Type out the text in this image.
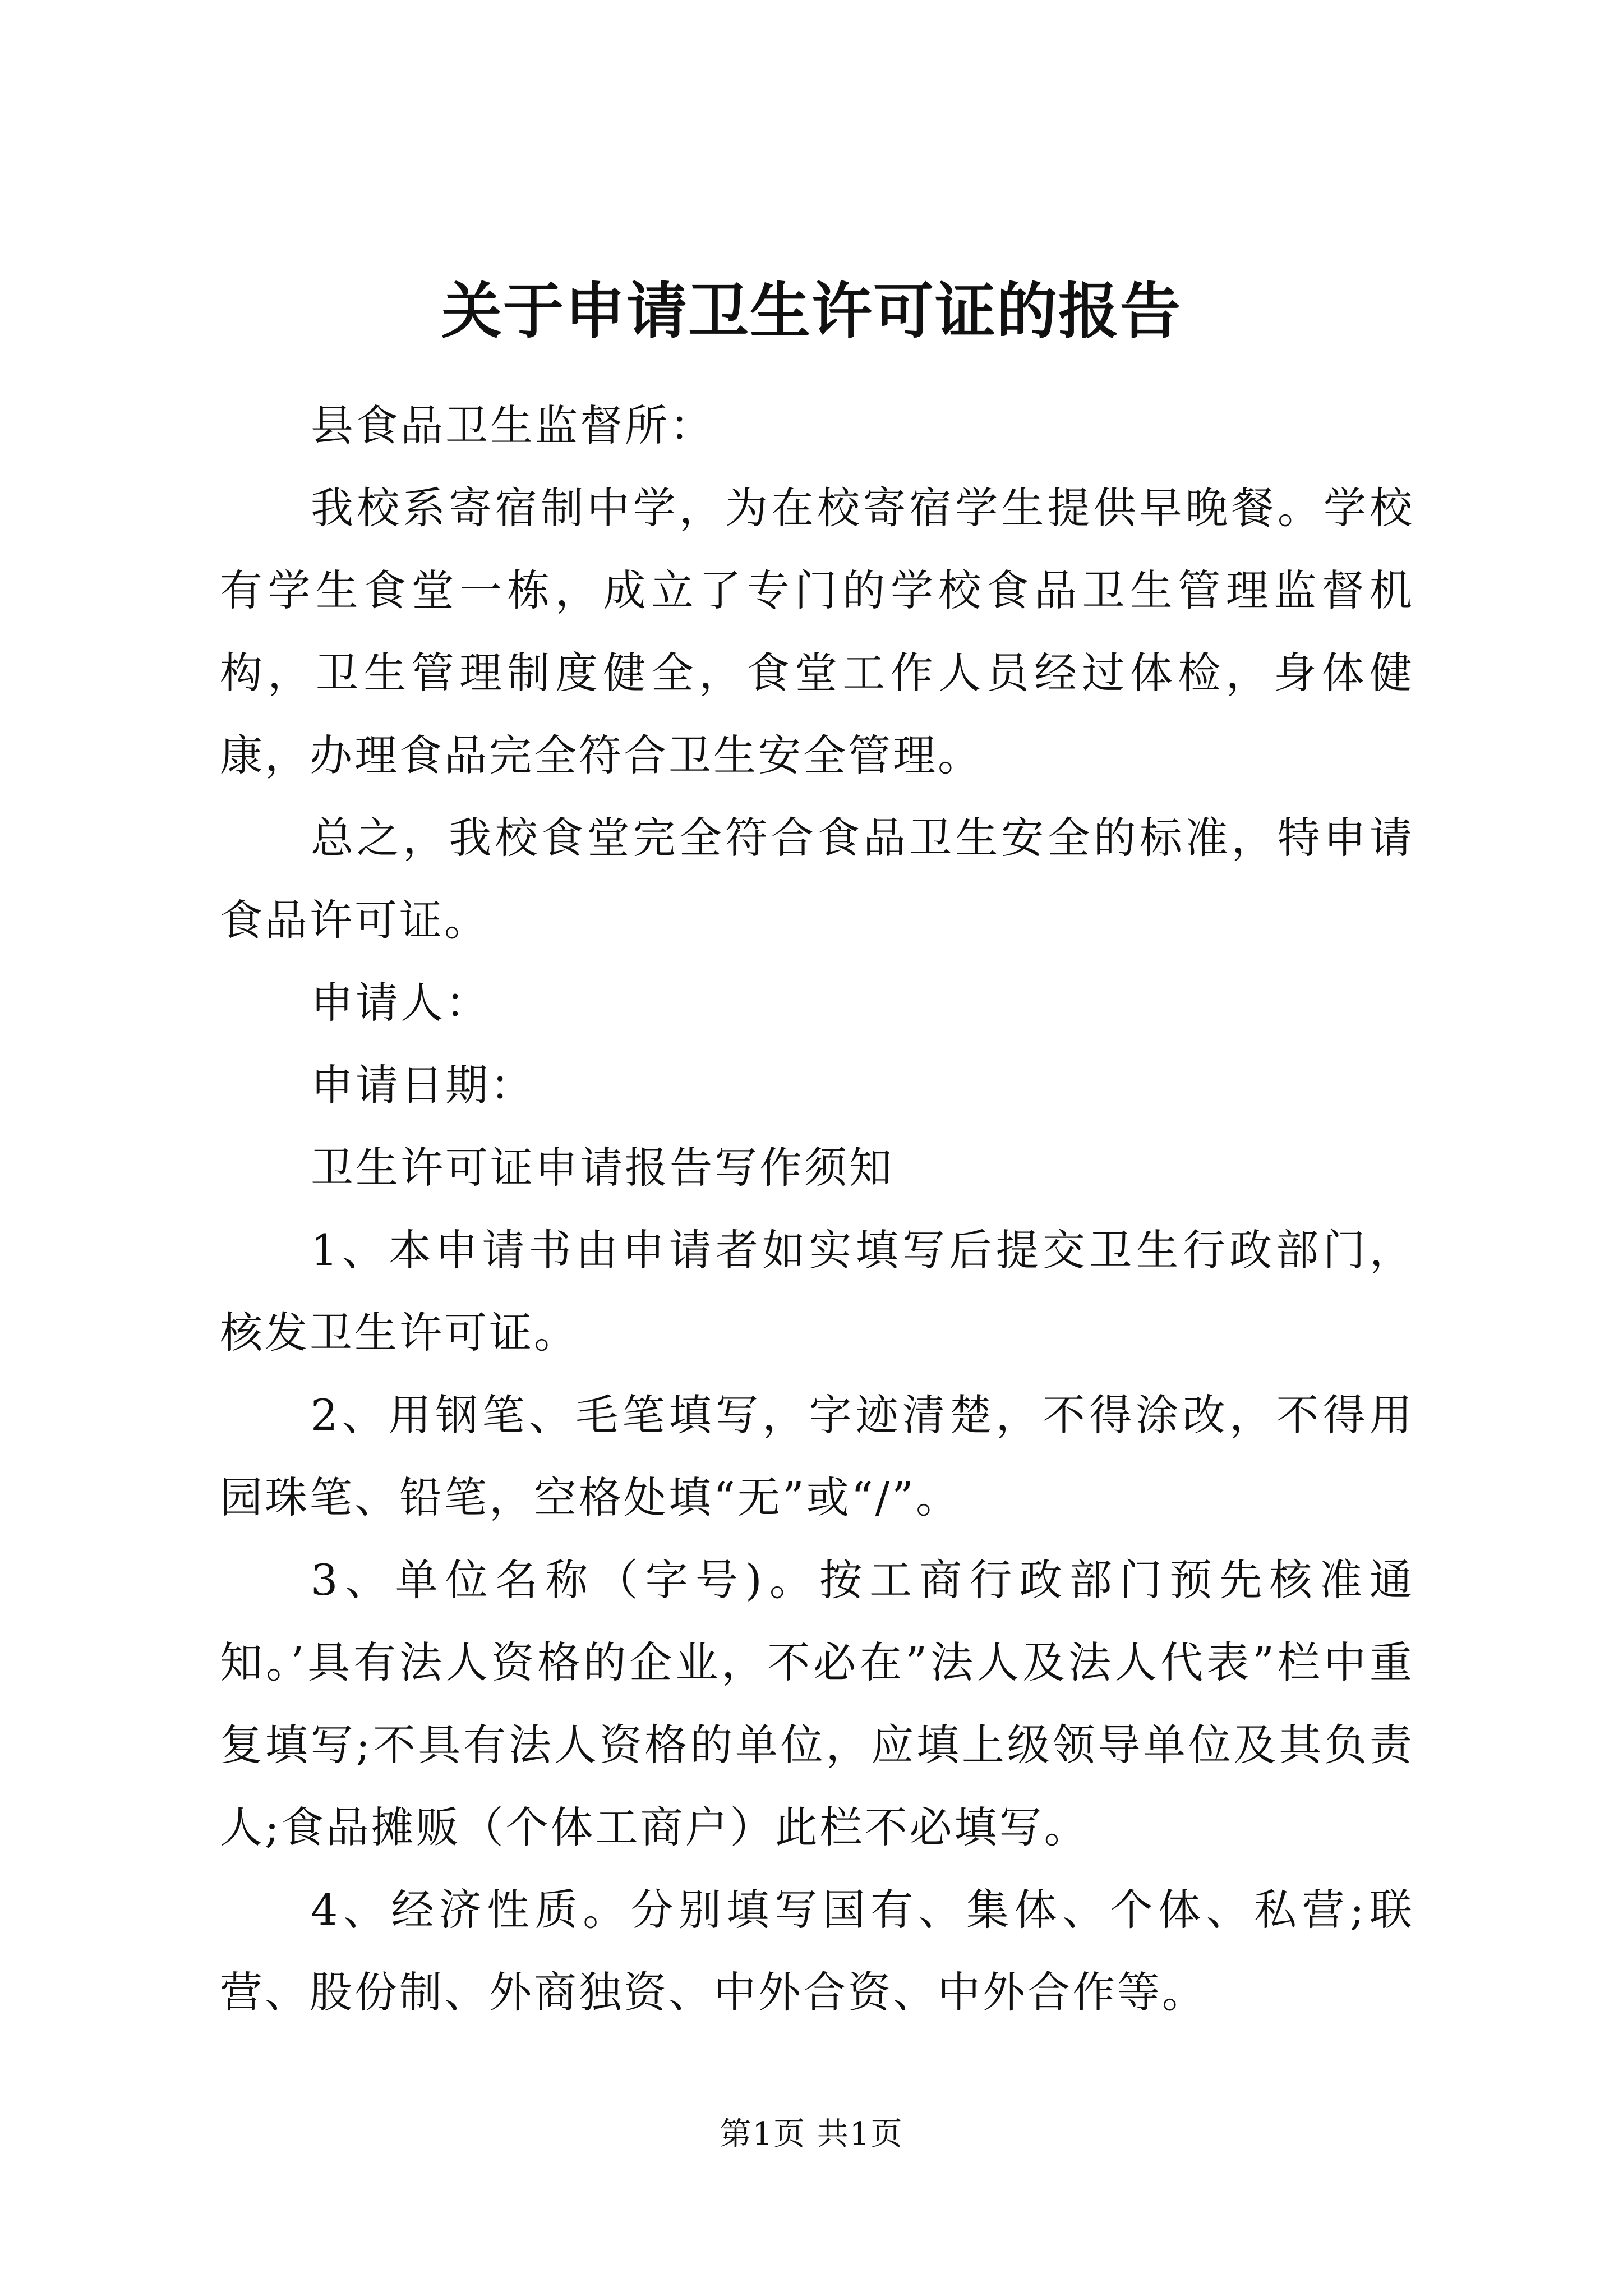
关于申请卫生许可证的报告

县食品卫生监督所：

我校系寄宿制中学，为在校寄宿学生提供早晚餐。学校有学生食堂一栋，成立了专门的学校食品卫生管理监督机构，卫生管理制度健全，食堂工作人员经过体检，身体健康，办理食品完全符合卫生安全管理。

总之，我校食堂完全符合食品卫生安全的标准，特申请食品许可证。

申请人：

申请日期：

卫生许可证申请报告写作须知

1、本申请书由申请者如实填写后提交卫生行政部门，核发卫生许可证。

2、用钢笔、毛笔填写，字迹清楚，不得涂改，不得用园珠笔、铅笔，空格处填“无”或“/”。

3、单位名称（字号)。按工商行政部门预先核准通知。’具有法人资格的企业，不必在”法人及法人代表”栏中重复填写;不具有法人资格的单位，应填上级领导单位及其负责人;食品摊贩（个体工商户）此栏不必填写。

4、经济性质。分别填写国有、集体、个体、私营;联营、股份制、外商独资、中外合资、中外合作等。

第1页 共1页
